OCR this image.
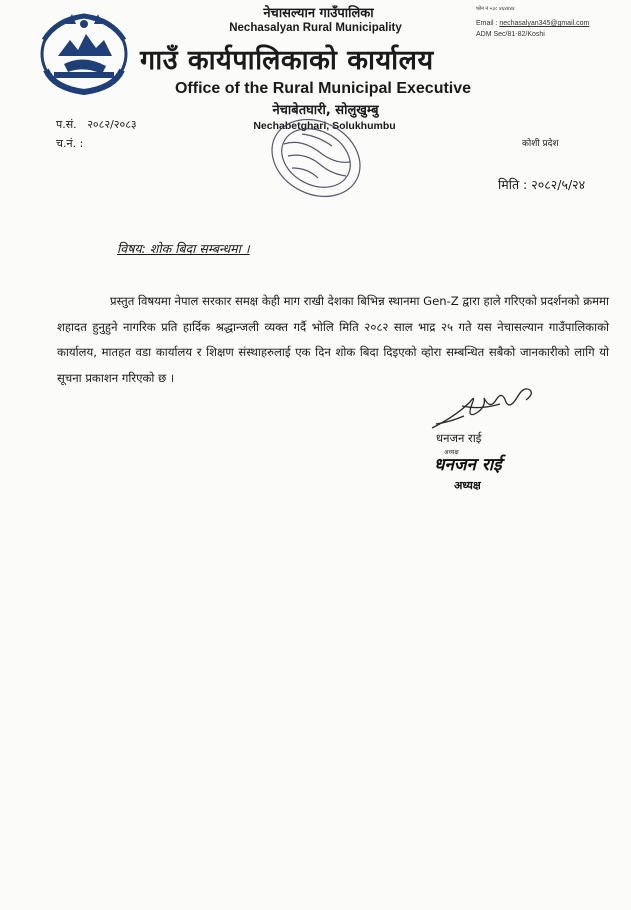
नेचासल्यान गाउँपालिका
Nechasalyan Rural Municipality
गाउँ कार्यपालिकाको कार्यालय
Office of the Rural Municipal Executive
नेचाबेतघारी, सोलुखुम्बु
Nechabetghari, Solukhumbu
फोन नं +३८ ४६४४४४
Email : nechasalyan345@gmail.com
ADM Sec/81-82/Koshi
प.सं. २०८२/२०८३
च.नं. :	कोशी प्रदेश
मिति : २०८२/५/२४
विषय: शोक बिदा सम्बन्धमा ।

प्रस्तुत विषयमा नेपाल सरकार समक्ष केही माग राखी देशका बिभिन्न स्थानमा Gen-Z द्वारा हाले गरिएको प्रदर्शनको क्रममा शहादत हुनुहुने नागरिक प्रति हार्दिक श्रद्धान्जली व्यक्त गर्दै भोलि मिति २०८२ साल भाद्र २५ गते यस नेचासल्यान गाउँपालिकाको कार्यालय, मातहत वडा कार्यालय र शिक्षण संस्थाहरुलाई एक दिन शोक बिदा दिइएको व्होरा सम्बन्धित सबैको जानकारीको लागि यो सूचना प्रकाशन गरिएको छ ।

धनजन राई
अध्यक्ष
धनजन राई
अध्यक्ष
